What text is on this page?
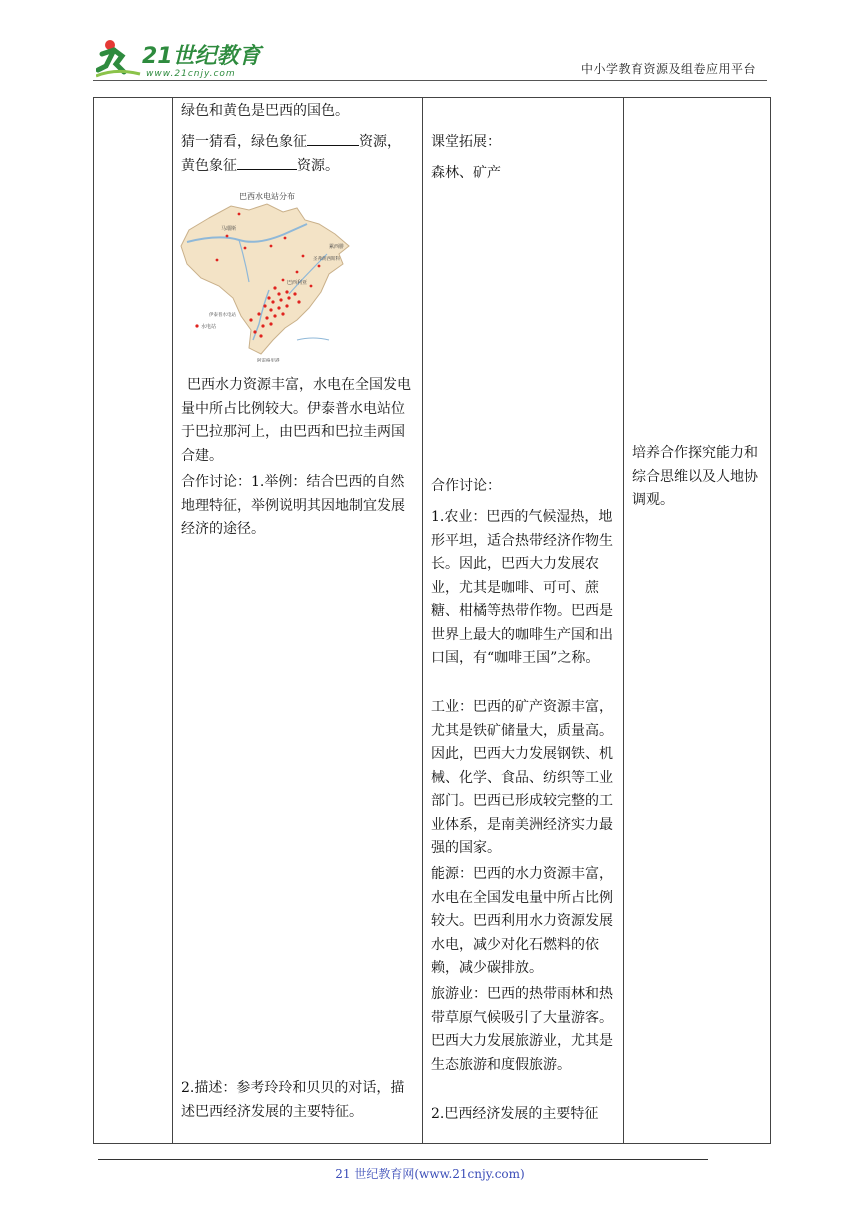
21世纪教育
www.21cnjy.com	中小学教育资源及组卷应用平台

绿色和黄色是巴西的国色。
猜一猜看，绿色象征	资源，
黄色象征	资源。
巴西水电站分布
马瑙斯
累西腓
巴西利亚
伊泰普水电站
阿雷格里港
圣弗朗西斯科
水电站
巴西水力资源丰富，水电在全国发电量中所占比例较大。伊泰普水电站位于巴拉那河上，由巴西和巴拉圭两国合建。
合作讨论：1.举例：结合巴西的自然地理特征，举例说明其因地制宜发展经济的途径。
2.描述：参考玲玲和贝贝的对话，描述巴西经济发展的主要特征。

课堂拓展：
森林、矿产
合作讨论：
1.农业：巴西的气候湿热，地形平坦，适合热带经济作物生长。因此，巴西大力发展农业，尤其是咖啡、可可、蔗糖、柑橘等热带作物。巴西是世界上最大的咖啡生产国和出口国，有“咖啡王国”之称。
工业：巴西的矿产资源丰富，尤其是铁矿储量大，质量高。因此，巴西大力发展钢铁、机械、化学、食品、纺织等工业部门。巴西已形成较完整的工业体系，是南美洲经济实力最强的国家。
能源：巴西的水力资源丰富，水电在全国发电量中所占比例较大。巴西利用水力资源发展水电，减少对化石燃料的依赖，减少碳排放。
旅游业：巴西的热带雨林和热带草原气候吸引了大量游客。巴西大力发展旅游业，尤其是生态旅游和度假旅游。
2.巴西经济发展的主要特征

培养合作探究能力和综合思维以及人地协调观。
21 世纪教育网(www.21cnjy.com)
